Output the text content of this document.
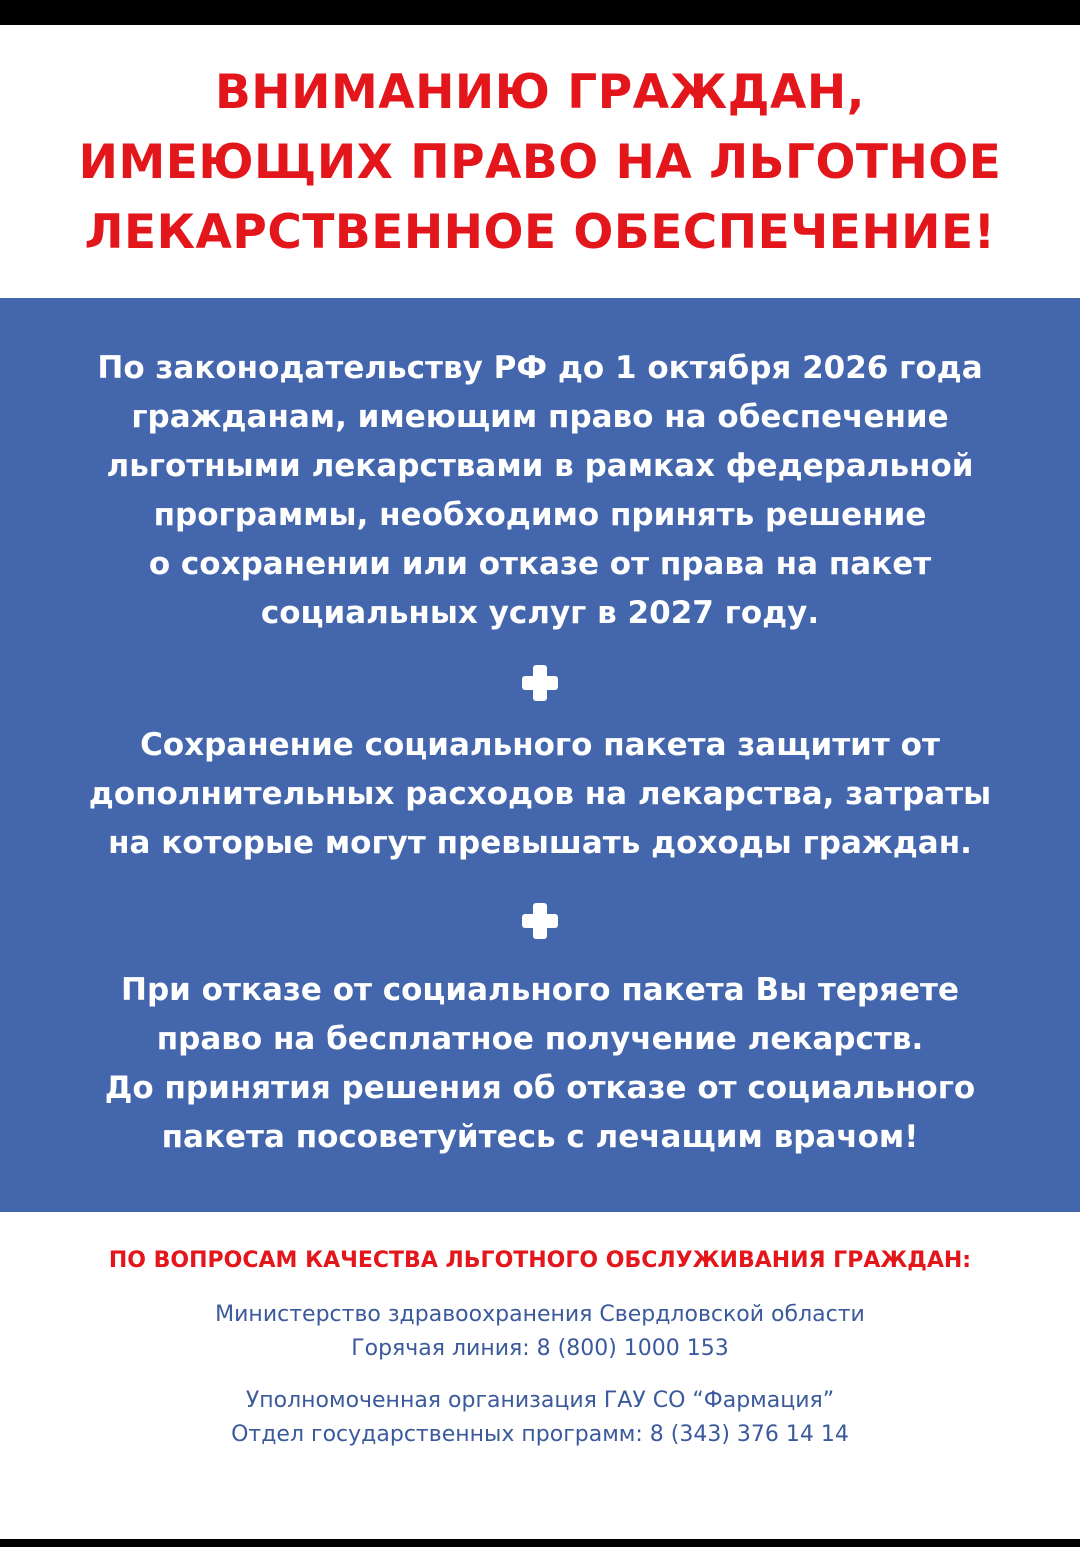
ВНИМАНИЮ ГРАЖДАН,
ИМЕЮЩИХ ПРАВО НА ЛЬГОТНОЕ
ЛЕКАРСТВЕННОЕ ОБЕСПЕЧЕНИЕ!
По законодательству РФ до 1 октября 2026 года
гражданам, имеющим право на обеспечение
льготными лекарствами в рамках федеральной
программы, необходимо принять решение
о сохранении или отказе от права на пакет
социальных услуг в 2027 году.
Сохранение социального пакета защитит от
дополнительных расходов на лекарства, затраты
на которые могут превышать доходы граждан.
При отказе от социального пакета Вы теряете
право на бесплатное получение лекарств.
До принятия решения об отказе от социального
пакета посоветуйтесь с лечащим врачом!
ПО ВОПРОСАМ КАЧЕСТВА ЛЬГОТНОГО ОБСЛУЖИВАНИЯ ГРАЖДАН:
Министерство здравоохранения Свердловской области
Горячая линия: 8 (800) 1000 153
Уполномоченная организация ГАУ СО “Фармация”
Отдел государственных программ: 8 (343) 376 14 14
